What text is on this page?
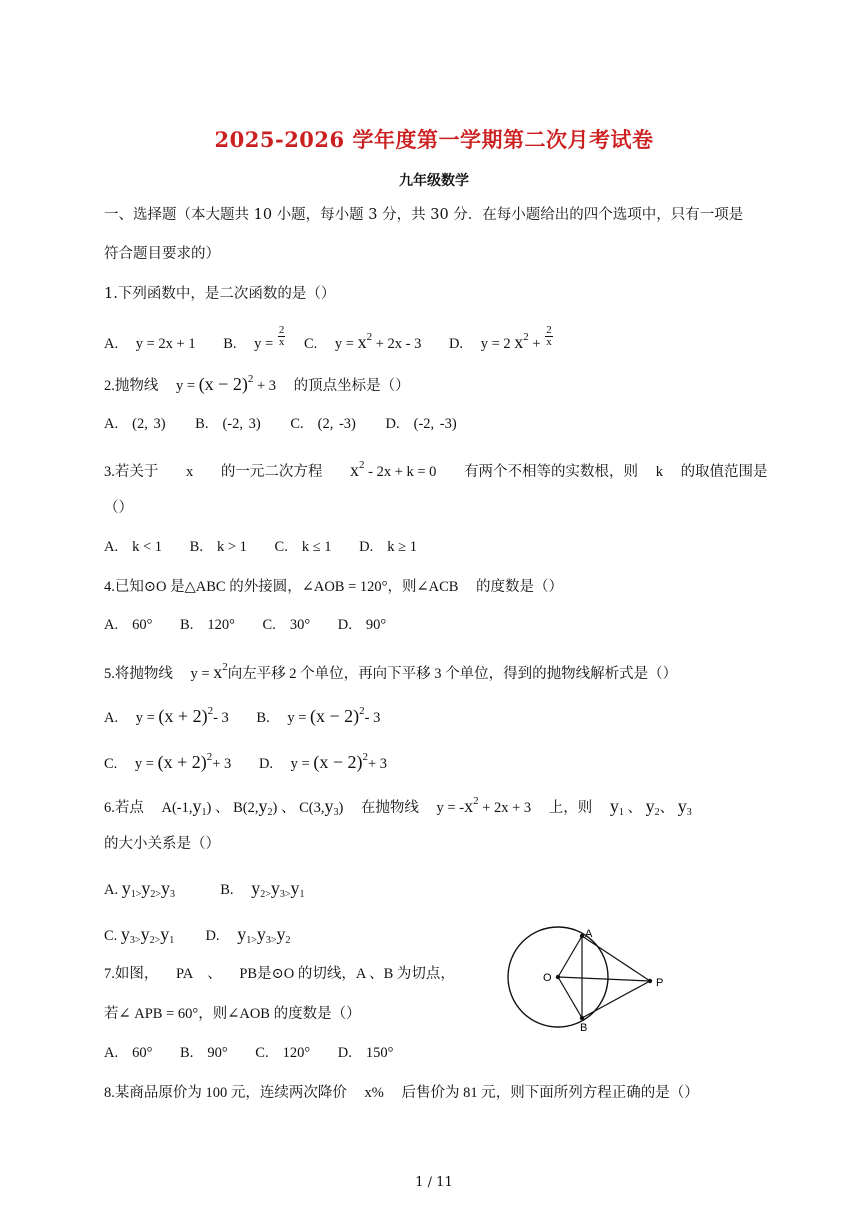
2025-2026 学年度第一学期第二次月考试卷
九年级数学
一、选择题（本大题共 10 小题，每小题 3 分，共 30 分．在每小题给出的四个选项中，只有一项是
符合题目要求的）
1.下列函数中，是二次函数的是（）
A. y = 2x + 1 B. $y = \frac{2}{x} C$. $y = x^2 + 2x - 3$ D. y = 2 $x^2 + \frac{2}{x}$
2.抛物线 $y = (x - 2)^2 + 3$ 的顶点坐标是（）
A. (2, 3) B. (-2, 3) C. (2, -3) D. (-2, -3)
3.若关于 x 的一元二次方程 $x^2 - 2x + k = 0$ 有两个不相等的实数根，则 k 的取值范围是
（）
A. k < 1 B. k > 1 C. k ≤ 1 D. k ≥ 1
4.已知⊙O 是△ABC 的外接圆，∠AOB = 120°，则∠ACB 的度数是（）
A. 60° B. 120° C. 30° D. 90°
5.将抛物线 $y = x^2$向左平移 2 个单位，再向下平移 3 个单位，得到的抛物线解析式是（）
A. $y = (x + 2)^2-$ 3 B. $y = (x - 2)^2-$ 3
C. $y = (x + 2)^2+ 3$ D. $y = (x - 2)^2+ 3$
6.若点 $A(-1,y_1)$ 、 $B(2,y_2)$ 、 $C(3,y_3)$ 在抛物线 $y = -x^2 + 2x + 3$ 上，则 $y_1$ 、 $y_2$、 $y_3$
的大小关系是（）
A. $y_{1>}y_{2>}y_3$	B. $y_{2>}y_{3>}y_1$
C. $y_{3>}y_{2>}y_1$ D. $y_{1>}y_{3>}y_2$
7.如图， PA 、 PB是⊙O 的切线，A 、B 为切点，
若∠ APB = 60°，则∠AOB 的度数是（）
A. 60° B. 90° C. 120° D. 150°
A
O	P
B
8.某商品原价为 100 元，连续两次降价 x% 后售价为 81 元，则下面所列方程正确的是（）
1 / 11
